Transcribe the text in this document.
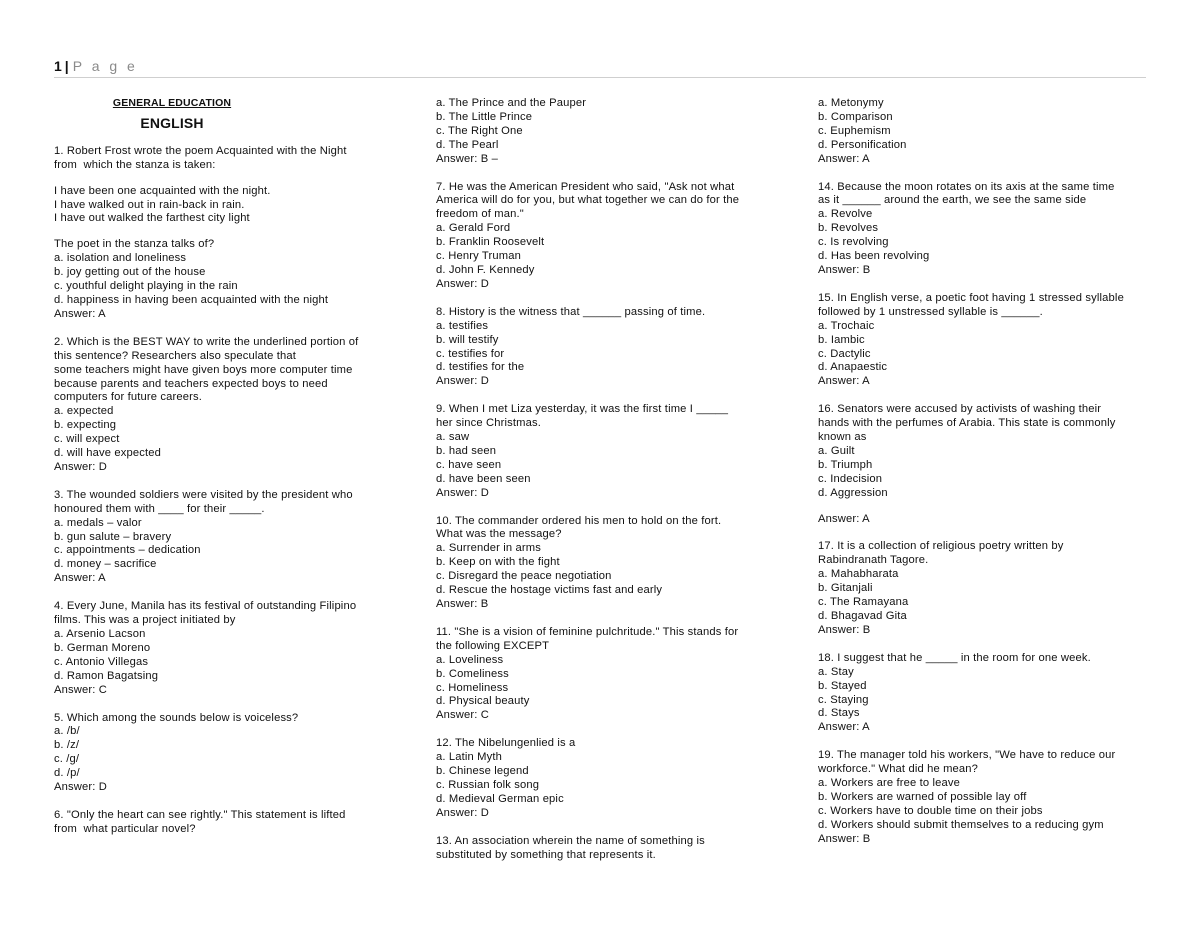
1 | P a g e
GENERAL EDUCATION
ENGLISH
1. Robert Frost wrote the poem Acquainted with the Night
from  which the stanza is taken:
I have been one acquainted with the night.
I have walked out in rain-back in rain.
I have out walked the farthest city light
The poet in the stanza talks of?
a. isolation and loneliness
b. joy getting out of the house
c. youthful delight playing in the rain
d. happiness in having been acquainted with the night
Answer: A
2. Which is the BEST WAY to write the underlined portion of
this sentence? Researchers also speculate that
some teachers might have given boys more computer time
because parents and teachers expected boys to need
computers for future careers.
a. expected
b. expecting
c. will expect
d. will have expected
Answer: D
3. The wounded soldiers were visited by the president who
honoured them with ____ for their _____.
a. medals – valor
b. gun salute – bravery
c. appointments – dedication
d. money – sacrifice
Answer: A
4. Every June, Manila has its festival of outstanding Filipino
films. This was a project initiated by
a. Arsenio Lacson
b. German Moreno
c. Antonio Villegas
d. Ramon Bagatsing
Answer: C
5. Which among the sounds below is voiceless?
a. /b/
b. /z/
c. /g/
d. /p/
Answer: D
6. "Only the heart can see rightly." This statement is lifted
from  what particular novel?
a. The Prince and the Pauper
b. The Little Prince
c. The Right One
d. The Pearl
Answer: B –
7. He was the American President who said, "Ask not what
America will do for you, but what together we can do for the
freedom of man."
a. Gerald Ford
b. Franklin Roosevelt
c. Henry Truman
d. John F. Kennedy
Answer: D
8. History is the witness that ______ passing of time.
a. testifies
b. will testify
c. testifies for
d. testifies for the
Answer: D
9. When I met Liza yesterday, it was the first time I _____
her since Christmas.
a. saw
b. had seen
c. have seen
d. have been seen
Answer: D
10. The commander ordered his men to hold on the fort.
What was the message?
a. Surrender in arms
b. Keep on with the fight
c. Disregard the peace negotiation
d. Rescue the hostage victims fast and early
Answer: B
11. "She is a vision of feminine pulchritude." This stands for
the following EXCEPT
a. Loveliness
b. Comeliness
c. Homeliness
d. Physical beauty
Answer: C
12. The Nibelungenlied is a
a. Latin Myth
b. Chinese legend
c. Russian folk song
d. Medieval German epic
Answer: D
13. An association wherein the name of something is
substituted by something that represents it.
a. Metonymy
b. Comparison
c. Euphemism
d. Personification
Answer: A
14. Because the moon rotates on its axis at the same time
as it ______ around the earth, we see the same side
a. Revolve
b. Revolves
c. Is revolving
d. Has been revolving
Answer: B
15. In English verse, a poetic foot having 1 stressed syllable
followed by 1 unstressed syllable is ______.
a. Trochaic
b. Iambic
c. Dactylic
d. Anapaestic
Answer: A
16. Senators were accused by activists of washing their
hands with the perfumes of Arabia. This state is commonly
known as
a. Guilt
b. Triumph
c. Indecision
d. Aggression
Answer: A
17. It is a collection of religious poetry written by
Rabindranath Tagore.
a. Mahabharata
b. Gitanjali
c. The Ramayana
d. Bhagavad Gita
Answer: B
18. I suggest that he _____ in the room for one week.
a. Stay
b. Stayed
c. Staying
d. Stays
Answer: A
19. The manager told his workers, "We have to reduce our
workforce." What did he mean?
a. Workers are free to leave
b. Workers are warned of possible lay off
c. Workers have to double time on their jobs
d. Workers should submit themselves to a reducing gym
Answer: B
